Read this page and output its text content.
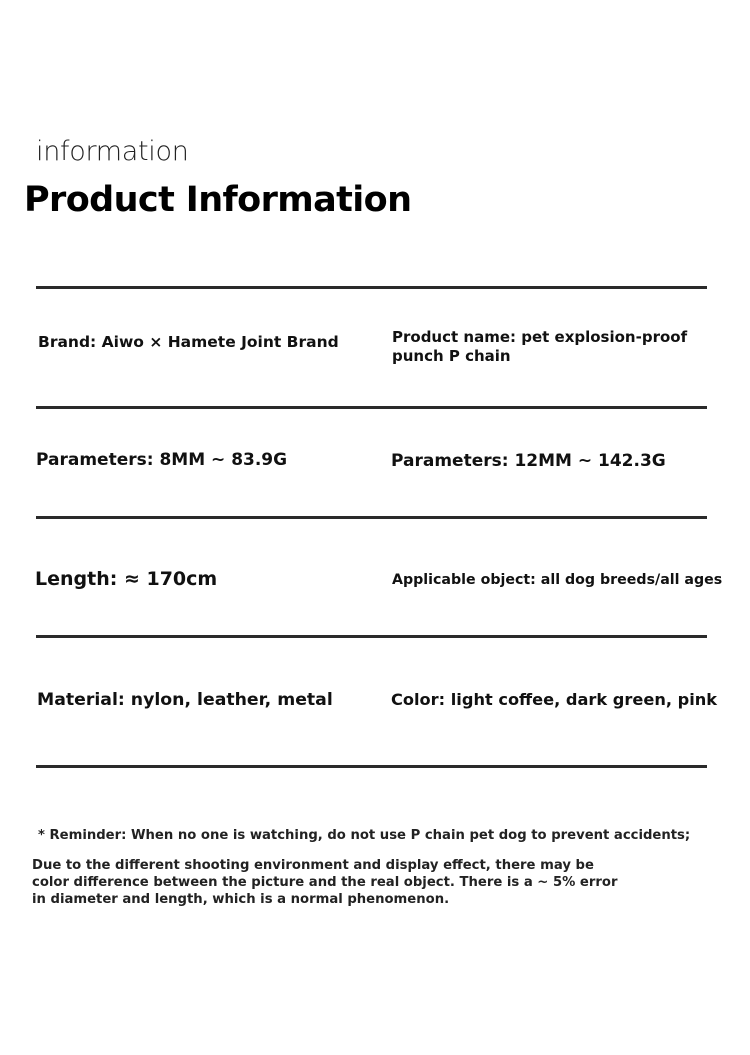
information
Product Information
Brand: Aiwo × Hamete Joint Brand	Product name: pet explosion-proof punch P chain
Parameters: 8MM ~ 83.9G	Parameters: 12MM ~ 142.3G
Length: ≈ 170cm	Applicable object: all dog breeds/all ages
Material: nylon, leather, metal	Color: light coffee, dark green, pink
* Reminder: When no one is watching, do not use P chain pet dog to prevent accidents;
Due to the different shooting environment and display effect, there may be color difference between the picture and the real object. There is a ~ 5% error in diameter and length, which is a normal phenomenon.
